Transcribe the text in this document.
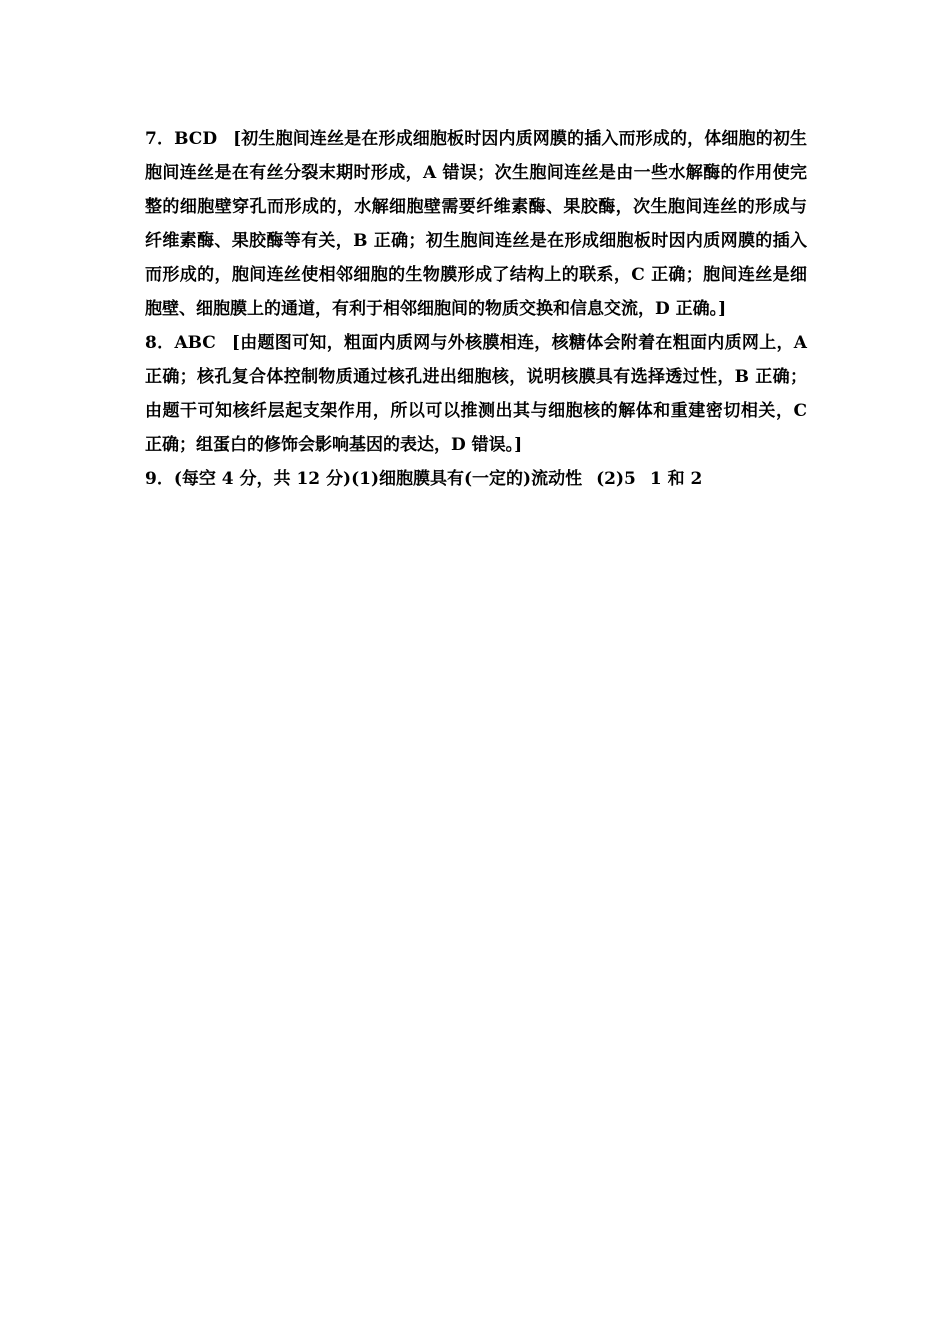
7．BCD [初生胞间连丝是在形成细胞板时因内质网膜的插入而形成的，体细胞的初生胞间连丝是在有丝分裂末期时形成，A 错误；次生胞间连丝是由一些水解酶的作用使完整的细胞壁穿孔而形成的，水解细胞壁需要纤维素酶、果胶酶，次生胞间连丝的形成与纤维素酶、果胶酶等有关，B 正确；初生胞间连丝是在形成细胞板时因内质网膜的插入而形成的，胞间连丝使相邻细胞的生物膜形成了结构上的联系，C 正确；胞间连丝是细胞壁、细胞膜上的通道，有利于相邻细胞间的物质交换和信息交流，D 正确。]

8．ABC [由题图可知，粗面内质网与外核膜相连，核糖体会附着在粗面内质网上，A 正确；核孔复合体控制物质通过核孔进出细胞核，说明核膜具有选择透过性，B 正确；由题干可知核纤层起支架作用，所以可以推测出其与细胞核的解体和重建密切相关，C 正确；组蛋白的修饰会影响基因的表达，D 错误。]

9．(每空 4 分，共 12 分)(1)细胞膜具有(一定的)流动性 (2)5 1 和 2
